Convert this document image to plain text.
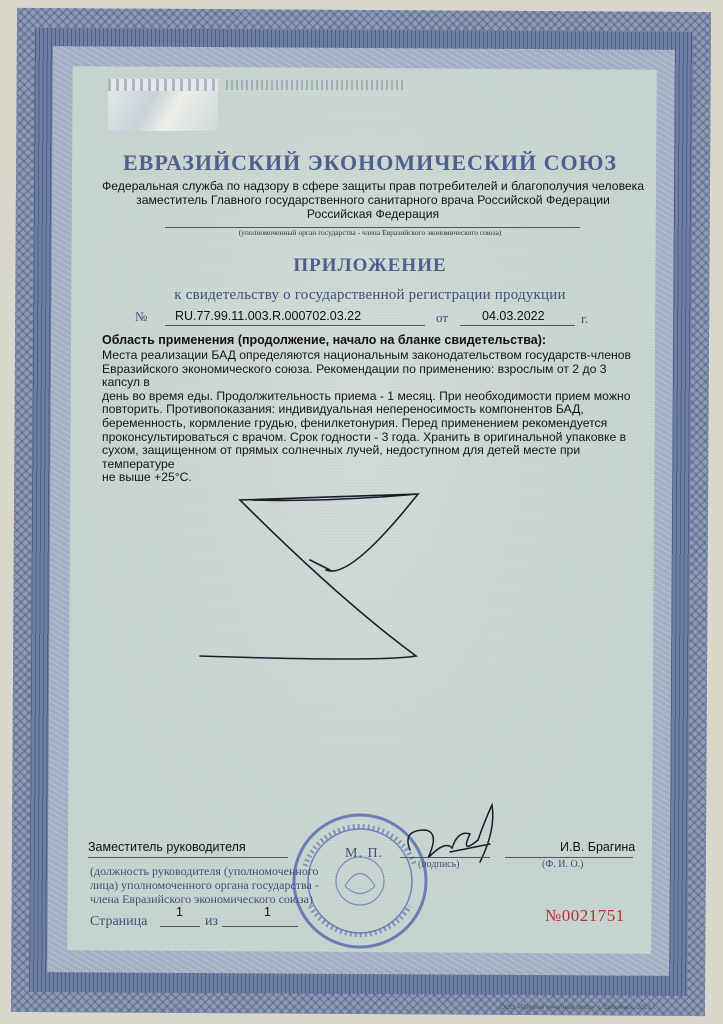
ЕВРАЗИЙСКИЙ ЭКОНОМИЧЕСКИЙ СОЮЗ
Федеральная служба по надзору в сфере защиты прав потребителей и благополучия человека
заместитель Главного государственного санитарного врача Российской Федерации
Российская Федерация
(уполномоченный орган государства - члена Евразийского экономического союза)
ПРИЛОЖЕНИЕ
к свидетельству о государственной регистрации продукции
№ RU.77.99.11.003.R.000702.03.22	от	04.03.2022	г.
Область применения (продолжение, начало на бланке свидетельства):
Места реализации БАД определяются национальным законодательством государств-членов
Евразийского экономического союза. Рекомендации по применению: взрослым от 2 до 3 капсул в
день во время еды. Продолжительность приема - 1 месяц. При необходимости прием можно
повторить. Противопоказания: индивидуальная непереносимость компонентов БАД,
беременность, кормление грудью, фенилкетонурия. Перед применением рекомендуется
проконсультироваться с врачом. Срок годности - 3 года. Хранить в оригинальной упаковке в
сухом, защищенном от прямых солнечных лучей, недоступном для детей месте при температуре
не выше +25°С.
Заместитель руководителя	М. П.
(подпись)
И.В. Брагина
(Ф. И. О.)
(должность руководителя (уполномоченного
лица) уполномоченного органа государства -
члена Евразийского экономического союза)
Страница
1
из
1	№0021751
ООО «Первый печатный двор», г. Смоленск, 2021 г.
